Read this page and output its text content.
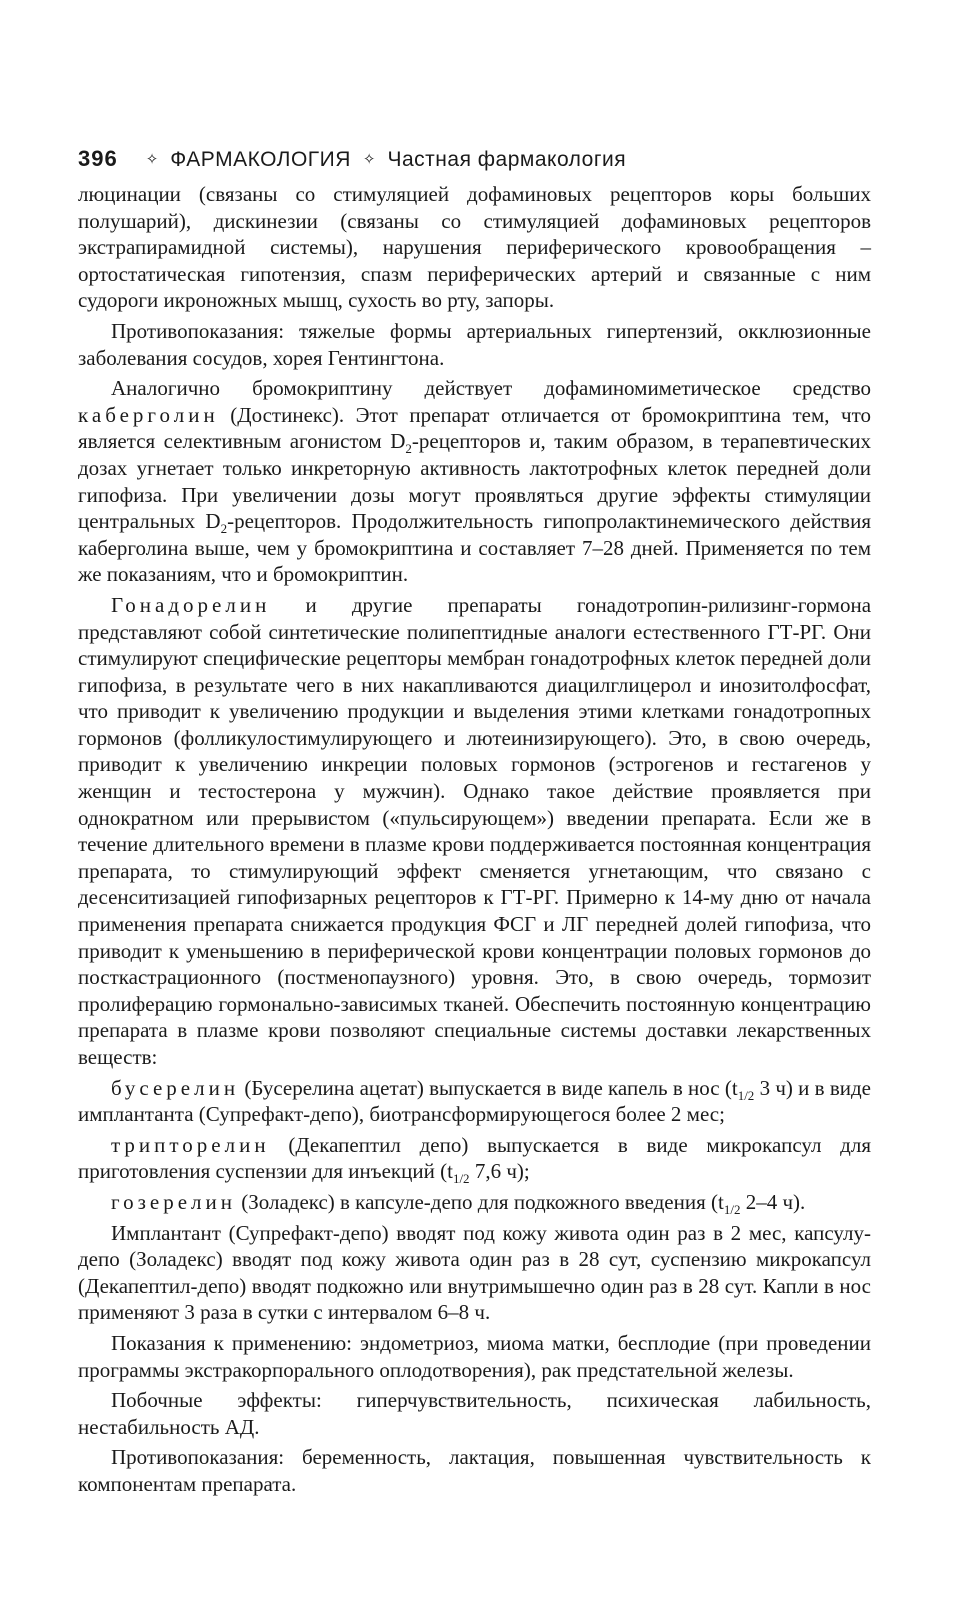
396 ✧ ФАРМАКОЛОГИЯ ✧ Частная фармакология

люцинации (связаны со стимуляцией дофаминовых рецепторов коры больших полушарий), дискинезии (связаны со стимуляцией дофаминовых рецепторов экстрапирамидной системы), нарушения периферического кровообращения – ортостатическая гипотензия, спазм периферических артерий и связанные с ним судороги икроножных мышц, сухость во рту, запоры.

Противопоказания: тяжелые формы артериальных гипертензий, окклюзионные заболевания сосудов, хорея Гентингтона.

Аналогично бромокриптину действует дофаминомиметическое средство каберголин (Достинекс). Этот препарат отличается от бромокриптина тем, что является селективным агонистом $D_2$-рецепторов и, таким образом, в терапевтических дозах угнетает только инкреторную активность лактотрофных клеток передней доли гипофиза. При увеличении дозы могут проявляться другие эффекты стимуляции центральных $D_2$-рецепторов. Продолжительность гипопролактинемического действия каберголина выше, чем у бромокриптина и составляет 7–28 дней. Применяется по тем же показаниям, что и бромокриптин.

Гонадорелин и другие препараты гонадотропин-рилизинг-гормона представляют собой синтетические полипептидные аналоги естественного ГТ-РГ. Они стимулируют специфические рецепторы мембран гонадотрофных клеток передней доли гипофиза, в результате чего в них накапливаются диацилглицерол и инозитолфосфат, что приводит к увеличению продукции и выделения этими клетками гонадотропных гормонов (фолликулостимулирующего и лютеинизирующего). Это, в свою очередь, приводит к увеличению инкреции половых гормонов (эстрогенов и гестагенов у женщин и тестостерона у мужчин). Однако такое действие проявляется при однократном или прерывистом («пульсирующем») введении препарата. Если же в течение длительного времени в плазме крови поддерживается постоянная концентрация препарата, то стимулирующий эффект сменяется угнетающим, что связано с десенситизацией гипофизарных рецепторов к ГТ-РГ. Примерно к 14-му дню от начала применения препарата снижается продукция ФСГ и ЛГ передней долей гипофиза, что приводит к уменьшению в периферической крови концентрации половых гормонов до посткастрационного (постменопаузного) уровня. Это, в свою очередь, тормозит пролиферацию гормонально-зависимых тканей. Обеспечить постоянную концентрацию препарата в плазме крови позволяют специальные системы доставки лекарственных веществ:

бусерелин (Бусерелина ацетат) выпускается в виде капель в нос ($t_{1/2}$ 3 ч) и в виде имплантанта (Супрефакт-депо), биотрансформирующегося более 2 мес;

трипторелин (Декапептил депо) выпускается в виде микрокапсул для приготовления суспензии для инъекций ($t_{1/2}$ 7,6 ч);

гозерелин (Золадекс) в капсуле-депо для подкожного введения ($t_{1/2}$ 2–4 ч).

Имплантант (Супрефакт-депо) вводят под кожу живота один раз в 2 мес, капсулу-депо (Золадекс) вводят под кожу живота один раз в 28 сут, суспензию микрокапсул (Декапептил-депо) вводят подкожно или внутримышечно один раз в 28 сут. Капли в нос применяют 3 раза в сутки с интервалом 6–8 ч.

Показания к применению: эндометриоз, миома матки, бесплодие (при проведении программы экстракорпорального оплодотворения), рак предстательной железы.

Побочные эффекты: гиперчувствительность, психическая лабильность, нестабильность АД.

Противопоказания: беременность, лактация, повышенная чувствительность к компонентам препарата.
